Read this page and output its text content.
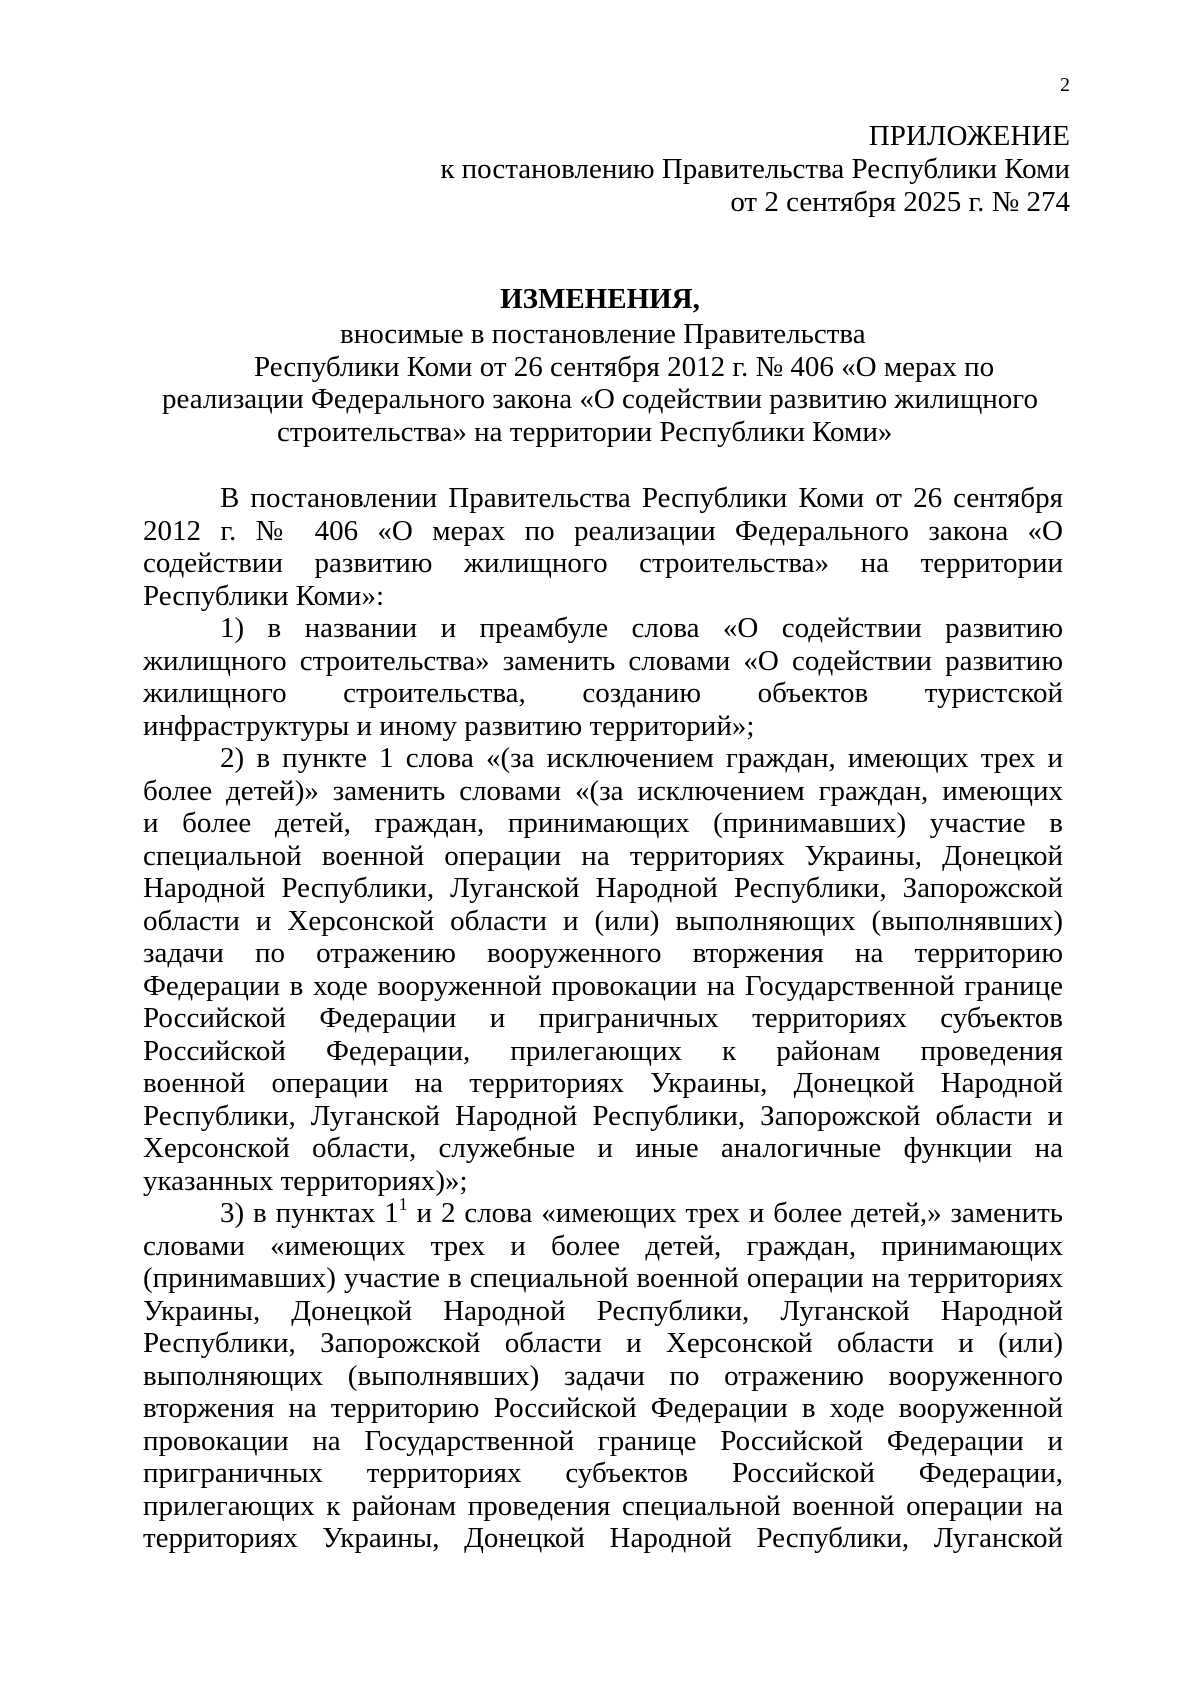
2
ПРИЛОЖЕНИЕ
к постановлению Правительства Республики Коми
от 2 сентября 2025 г. № 274
ИЗМЕНЕНИЯ,
вносимые в постановление Правительства
Республики Коми от 26 сентября 2012 г. № 406 «О мерах по
реализации Федерального закона «О содействии развитию жилищного
строительства» на территории Республики Коми»
В постановлении Правительства Республики Коми от 26 сентября
2012 г. № 406 «О мерах по реализации Федерального закона «О
содействии развитию жилищного строительства» на территории
Республики Коми»:
1) в названии и преамбуле слова «О содействии развитию
жилищного строительства» заменить словами «О содействии развитию
жилищного строительства, созданию объектов туристской
инфраструктуры и иному развитию территорий»;
2) в пункте 1 слова «(за исключением граждан, имеющих трех и
более детей)» заменить словами «(за исключением граждан, имеющих
и более детей, граждан, принимающих (принимавших) участие в
специальной военной операции на территориях Украины, Донецкой
Народной Республики, Луганской Народной Республики, Запорожской
области и Херсонской области и (или) выполняющих (выполнявших)
задачи по отражению вооруженного вторжения на территорию
Федерации в ходе вооруженной провокации на Государственной границе
Российской Федерации и приграничных территориях субъектов
Российской Федерации, прилегающих к районам проведения
военной операции на территориях Украины, Донецкой Народной
Республики, Луганской Народной Республики, Запорожской области и
Херсонской области, служебные и иные аналогичные функции на
указанных территориях)»;
3) в пунктах $1^1$ и 2 слова «имеющих трех и более детей,» заменить
словами «имеющих трех и более детей, граждан, принимающих
(принимавших) участие в специальной военной операции на территориях
Украины, Донецкой Народной Республики, Луганской Народной
Республики, Запорожской области и Херсонской области и (или)
выполняющих (выполнявших) задачи по отражению вооруженного
вторжения на территорию Российской Федерации в ходе вооруженной
провокации на Государственной границе Российской Федерации и
приграничных территориях субъектов Российской Федерации,
прилегающих к районам проведения специальной военной операции на
территориях Украины, Донецкой Народной Республики, Луганской
